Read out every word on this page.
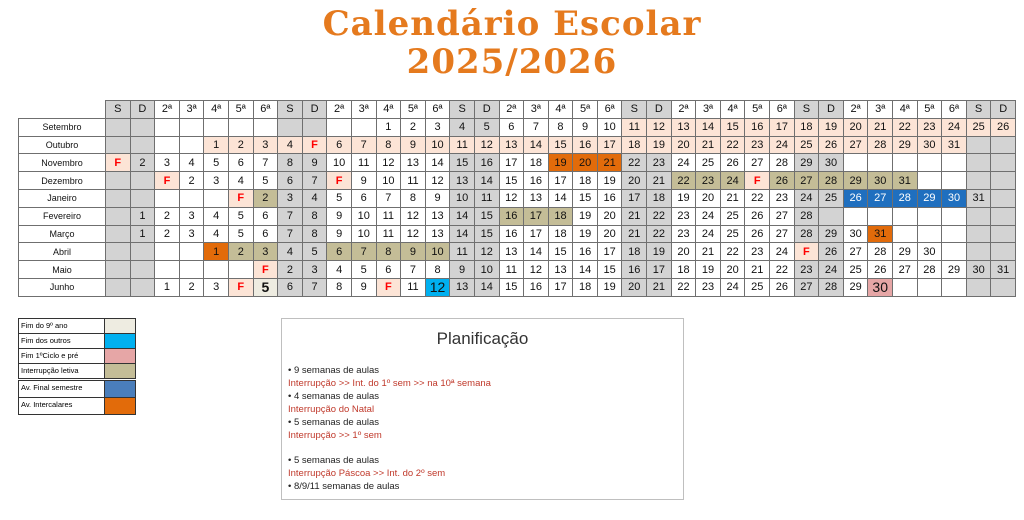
Calendário Escolar
2025/2026
	S	D	2ª	3ª	4ª	5ª	6ª	S	D	2ª	3ª	4ª	5ª	6ª	S	D	2ª	3ª	4ª	5ª	6ª	S	D	2ª	3ª	4ª	5ª	6ª	S	D	2ª	3ª	4ª	5ª	6ª	S	D
Setembro												1	2	3	4	5	6	7	8	9	10	11	12	13	14	15	16	17	18	19	20	21	22	23	24	25	26
Outubro					1	2	3	4	F	6	7	8	9	10	11	12	13	14	15	16	17	18	19	20	21	22	23	24	25	26	27	28	29	30	31		
Novembro	F	2	3	4	5	6	7	8	9	10	11	12	13	14	15	16	17	18	19	20	21	22	23	24	25	26	27	28	29	30							
Dezembro			F	2	3	4	5	6	7	F	9	10	11	12	13	14	15	16	17	18	19	20	21	22	23	24	F	26	27	28	29	30	31				
Janeiro						F	2	3	4	5	6	7	8	9	10	11	12	13	14	15	16	17	18	19	20	21	22	23	24	25	26	27	28	29	30	31	
Fevereiro		1	2	3	4	5	6	7	8	9	10	11	12	13	14	15	16	17	18	19	20	21	22	23	24	25	26	27	28								
Março		1	2	3	4	5	6	7	8	9	10	11	12	13	14	15	16	17	18	19	20	21	22	23	24	25	26	27	28	29	30	31					
Abril					1	2	3	4	5	6	7	8	9	10	11	12	13	14	15	16	17	18	19	20	21	22	23	24	F	26	27	28	29	30			
Maio							F	2	3	4	5	6	7	8	9	10	11	12	13	14	15	16	17	18	19	20	21	22	23	24	25	26	27	28	29	30	31
Junho			1	2	3	F	5	6	7	8	9	F	11	12	13	14	15	16	17	18	19	20	21	22	23	24	25	26	27	28	29	30					
Fim do 9º ano
Fim dos outros
Fim 1ºCiclo e pré
Interrupção letiva
Av. Final semestre
Av. Intercalares
Planificação
• 9 semanas de aulas
Interrupção >> Int. do 1º sem >> na 10ª semana
• 4 semanas de aulas
Interrupção do Natal
• 5 semanas de aulas
Interrupção >> 1º sem
• 5 semanas de aulas
Interrupção Páscoa >> Int. do 2º sem
• 8/9/11 semanas de aulas
